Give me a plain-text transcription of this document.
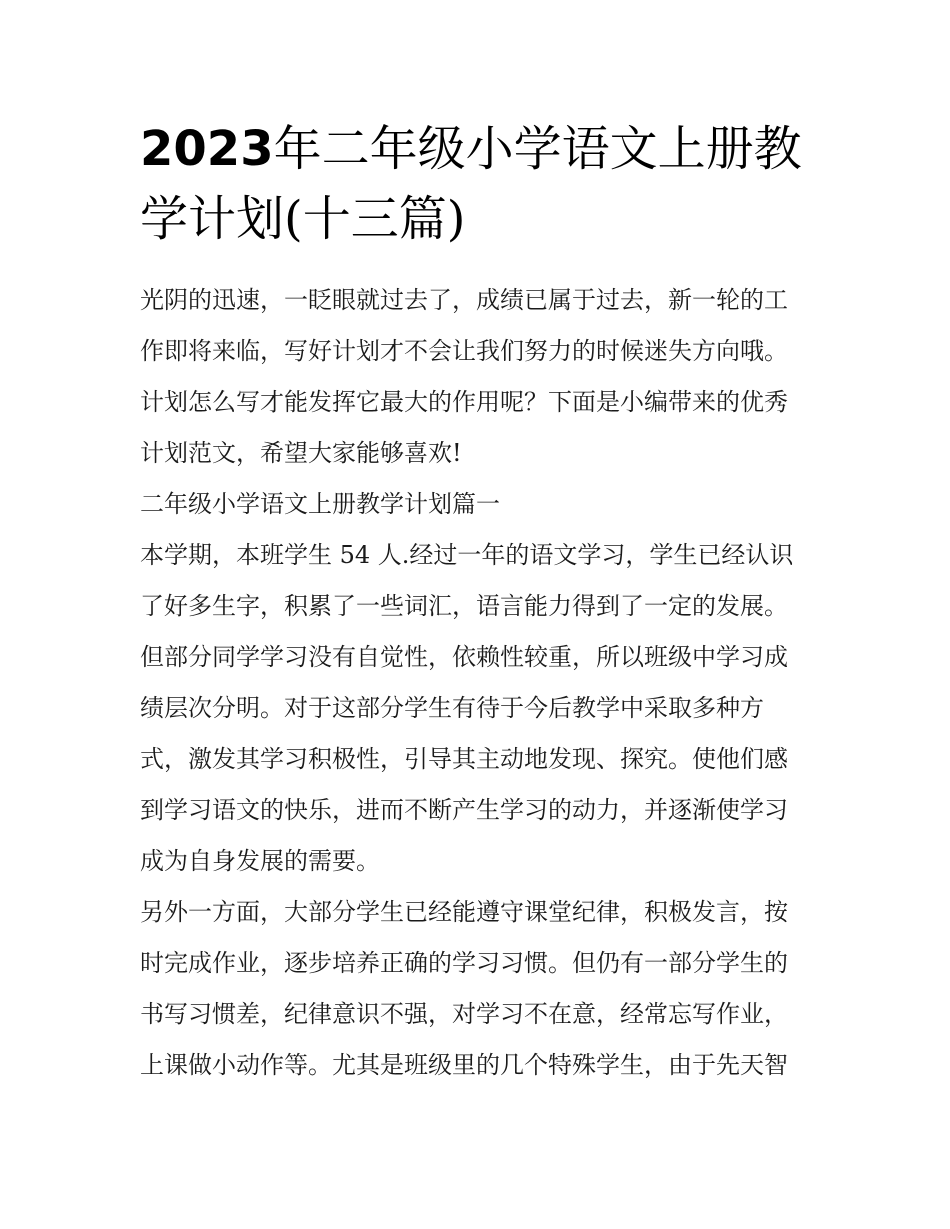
2023年二年级小学语文上册教
学计划(十三篇)

光阴的迅速，一眨眼就过去了，成绩已属于过去，新一轮的工
作即将来临，写好计划才不会让我们努力的时候迷失方向哦。
计划怎么写才能发挥它最大的作用呢？下面是小编带来的优秀
计划范文，希望大家能够喜欢!

二年级小学语文上册教学计划篇一

本学期，本班学生 54 人.经过一年的语文学习，学生已经认识
了好多生字，积累了一些词汇，语言能力得到了一定的发展。
但部分同学学习没有自觉性，依赖性较重，所以班级中学习成
绩层次分明。对于这部分学生有待于今后教学中采取多种方
式，激发其学习积极性，引导其主动地发现、探究。使他们感
到学习语文的快乐，进而不断产生学习的动力，并逐渐使学习
成为自身发展的需要。

另外一方面，大部分学生已经能遵守课堂纪律，积极发言，按
时完成作业，逐步培养正确的学习习惯。但仍有一部分学生的
书写习惯差，纪律意识不强，对学习不在意，经常忘写作业，
上课做小动作等。尤其是班级里的几个特殊学生，由于先天智
